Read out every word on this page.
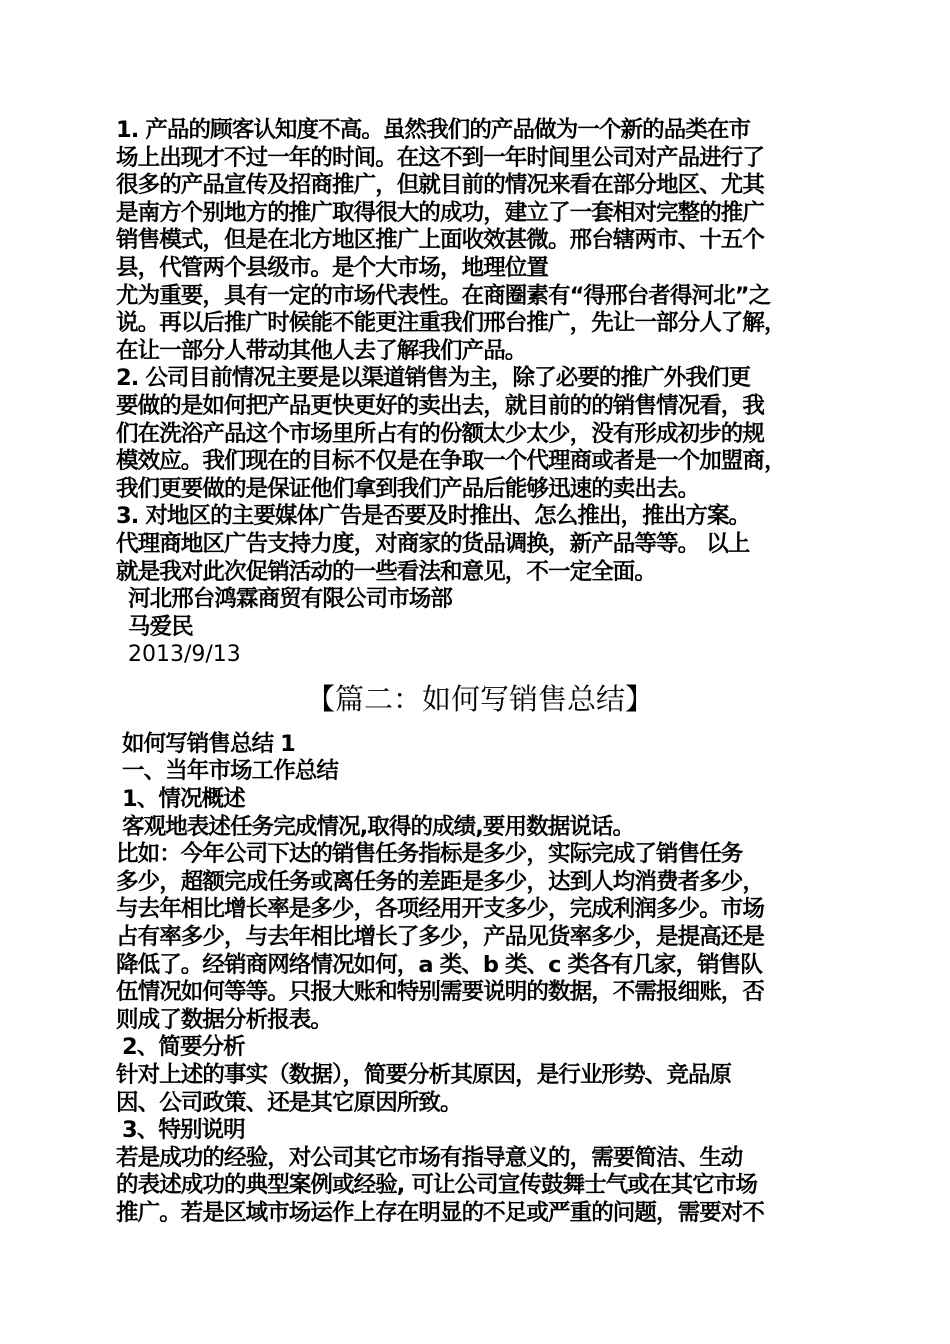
1. 产品的顾客认知度不高。虽然我们的产品做为一个新的品类在市
场上出现才不过一年的时间。在这不到一年时间里公司对产品进行了
很多的产品宣传及招商推广，但就目前的情况来看在部分地区、尤其
是南方个别地方的推广取得很大的成功，建立了一套相对完整的推广
销售模式，但是在北方地区推广上面收效甚微。邢台辖两市、十五个
县，代管两个县级市。是个大市场，地理位置
尤为重要，具有一定的市场代表性。在商圈素有“得邢台者得河北”之
说。再以后推广时候能不能更注重我们邢台推广，先让一部分人了解，
在让一部分人带动其他人去了解我们产品。
2. 公司目前情况主要是以渠道销售为主，除了必要的推广外我们更
要做的是如何把产品更快更好的卖出去，就目前的的销售情况看，我
们在洗浴产品这个市场里所占有的份额太少太少，没有形成初步的规
模效应。我们现在的目标不仅是在争取一个代理商或者是一个加盟商，
我们更要做的是保证他们拿到我们产品后能够迅速的卖出去。
3. 对地区的主要媒体广告是否要及时推出、怎么推出，推出方案。
代理商地区广告支持力度，对商家的货品调换，新产品等等。 以上
就是我对此次促销活动的一些看法和意见，不一定全面。
河北邢台鸿霖商贸有限公司市场部
马爱民
2013/9/13
【篇二：如何写销售总结】
如何写销售总结 1
一、当年市场工作总结
1、情况概述
客观地表述任务完成情况,取得的成绩,要用数据说话。
比如：今年公司下达的销售任务指标是多少，实际完成了销售任务
多少，超额完成任务或离任务的差距是多少，达到人均消费者多少，
与去年相比增长率是多少，各项经用开支多少，完成利润多少。市场
占有率多少，与去年相比增长了多少，产品见货率多少，是提高还是
降低了。经销商网络情况如何，a 类、b 类、c 类各有几家，销售队
伍情况如何等等。只报大账和特别需要说明的数据，不需报细账，否
则成了数据分析报表。
2、简要分析
针对上述的事实（数据），简要分析其原因，是行业形势、竞品原
因、公司政策、还是其它原因所致。
3、特别说明
若是成功的经验，对公司其它市场有指导意义的，需要简洁、生动
的表述成功的典型案例或经验, 可让公司宣传鼓舞士气或在其它市场
推广。若是区域市场运作上存在明显的不足或严重的问题，需要对不
